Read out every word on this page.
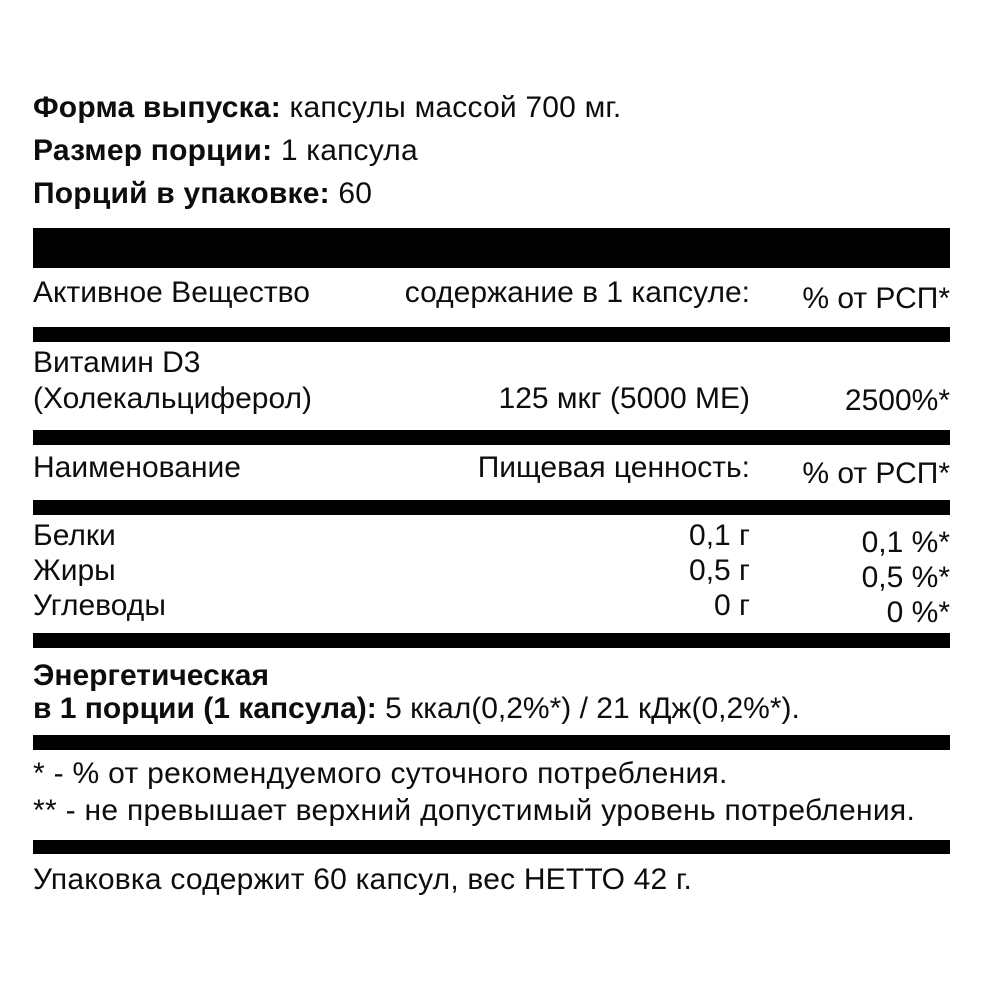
Форма выпуска: капсулы массой 700 мг.
Размер порции: 1 капсула
Порций в упаковке: 60
Активное Вещество	содержание в 1 капсуле: % от РСП*
Витамин D3
(Холекальциферол)	125 мкг (5000 МЕ)	2500%*
Наименование	Пищевая ценность: % от РСП*
Белки	0,1 г	0,1 %*
Жиры	0,5 г	0,5 %*
Углеводы	0 г	0 %*
Энергетическая
в 1 порции (1 капсула): 5 ккал(0,2%*) / 21 кДж(0,2%*).
* - % от рекомендуемого суточного потребления.
** - не превышает верхний допустимый уровень потребления.
Упаковка содержит 60 капсул, вес НЕТТО 42 г.
